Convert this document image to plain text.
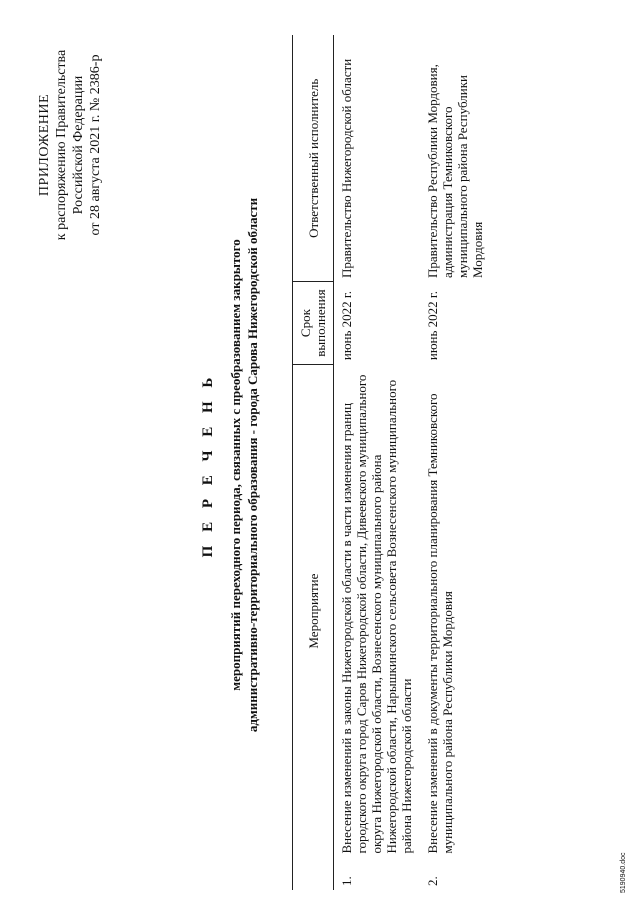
ПРИЛОЖЕНИЕ к распоряжению Правительства Российской Федерации от 28 августа 2021 г. № 2386-р
П Е Р Е Ч Е Н Ь мероприятий переходного периода, связанных с преобразованием закрытого административно-территориального образования - города Сарова Нижегородской области
		Мероприятие	Срок выполнения	Ответственный исполнитель
1.	Внесение изменений в законы Нижегородской области в части изменения границ городского округа город Саров Нижегородской области, Дивеевского муниципального округа Нижегородской области, Вознесенского муниципального района Нижегородской области, Нарышкинского сельсовета Вознесенского муниципального района Нижегородской области	июнь 2022 г.	Правительство Нижегородской области
2.	Внесение изменений в документы территориального планирования Темниковского муниципального района Республики Мордовия	июнь 2022 г.	Правительство Республики Мордовия, администрация Темниковского муниципального района Республики Мордовия
5190940.doc
